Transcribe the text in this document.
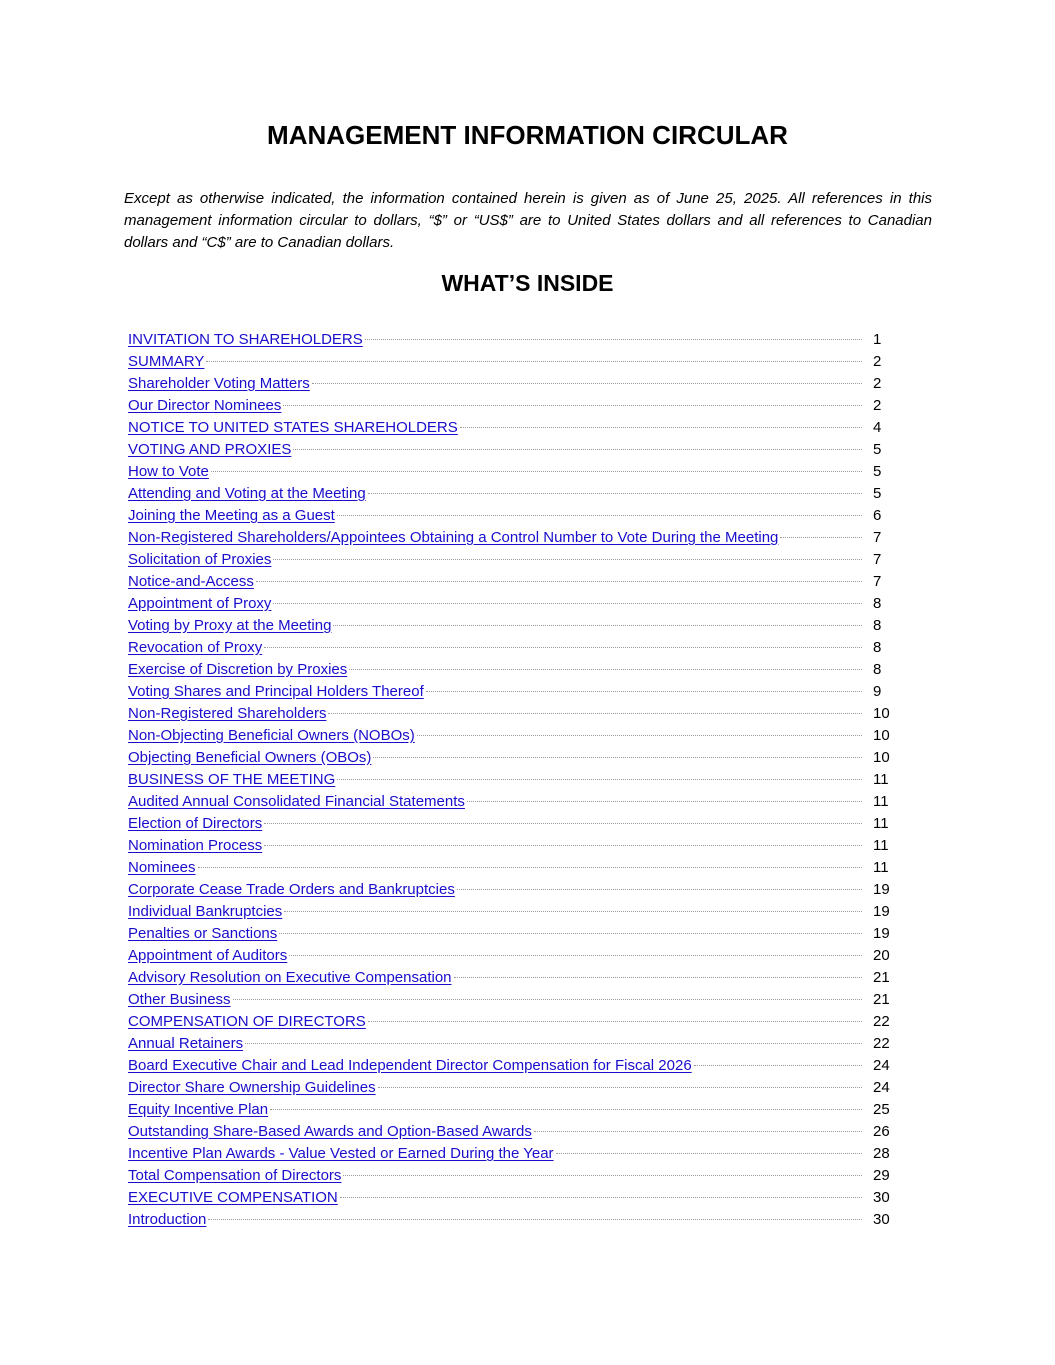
MANAGEMENT INFORMATION CIRCULAR

Except as otherwise indicated, the information contained herein is given as of June 25, 2025. All references in this management information circular to dollars, “$” or “US$” are to United States dollars and all references to Canadian dollars and “C$” are to Canadian dollars.

WHAT’S INSIDE
INVITATION TO SHAREHOLDERS	1
SUMMARY	2
Shareholder Voting Matters	2
Our Director Nominees	2
NOTICE TO UNITED STATES SHAREHOLDERS	4
VOTING AND PROXIES	5
How to Vote	5
Attending and Voting at the Meeting	5
Joining the Meeting as a Guest	6
Non-Registered Shareholders/Appointees Obtaining a Control Number to Vote During the Meeting	7
Solicitation of Proxies	7
Notice-and-Access	7
Appointment of Proxy	8
Voting by Proxy at the Meeting	8
Revocation of Proxy	8
Exercise of Discretion by Proxies	8
Voting Shares and Principal Holders Thereof	9
Non-Registered Shareholders	10
Non-Objecting Beneficial Owners (NOBOs)	10
Objecting Beneficial Owners (OBOs)	10
BUSINESS OF THE MEETING	11
Audited Annual Consolidated Financial Statements	11
Election of Directors	11
Nomination Process	11
Nominees	11
Corporate Cease Trade Orders and Bankruptcies	19
Individual Bankruptcies	19
Penalties or Sanctions	19
Appointment of Auditors	20
Advisory Resolution on Executive Compensation	21
Other Business	21
COMPENSATION OF DIRECTORS	22
Annual Retainers	22
Board Executive Chair and Lead Independent Director Compensation for Fiscal 2026	24
Director Share Ownership Guidelines	24
Equity Incentive Plan	25
Outstanding Share-Based Awards and Option-Based Awards	26
Incentive Plan Awards - Value Vested or Earned During the Year	28
Total Compensation of Directors	29
EXECUTIVE COMPENSATION	30
Introduction	30
